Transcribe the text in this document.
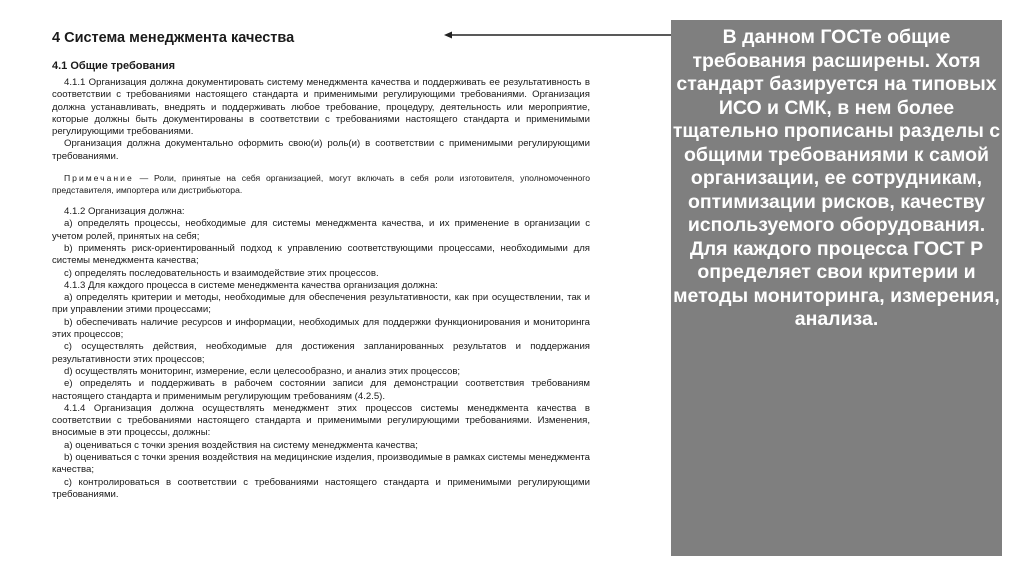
4 Система менеджмента качества
4.1 Общие требования

4.1.1 Организация должна документировать систему менеджмента качества и поддерживать ее результативность в соответствии с требованиями настоящего стандарта и применимыми регулирующими требованиями. Организация должна устанавливать, внедрять и поддерживать любое требование, процедуру, деятельность или мероприятие, которые должны быть документированы в соответствии с требованиями настоящего стандарта и применимыми регулирующими требованиями.

Организация должна документально оформить свою(и) роль(и) в соответствии с применимыми регулирующими требованиями.

Примечание — Роли, принятые на себя организацией, могут включать в себя роли изготовителя, уполномоченного представителя, импортера или дистрибьютора.

4.1.2 Организация должна:

a) определять процессы, необходимые для системы менеджмента качества, и их применение в организации с учетом ролей, принятых на себя;

b) применять риск-ориентированный подход к управлению соответствующими процессами, необходимыми для системы менеджмента качества;

c) определять последовательность и взаимодействие этих процессов.

4.1.3 Для каждого процесса в системе менеджмента качества организация должна:

a) определять критерии и методы, необходимые для обеспечения результативности, как при осуществлении, так и при управлении этими процессами;

b) обеспечивать наличие ресурсов и информации, необходимых для поддержки функционирования и мониторинга этих процессов;

c) осуществлять действия, необходимые для достижения запланированных результатов и поддержания результативности этих процессов;

d) осуществлять мониторинг, измерение, если целесообразно, и анализ этих процессов;

e) определять и поддерживать в рабочем состоянии записи для демонстрации соответствия требованиям настоящего стандарта и применимым регулирующим требованиям (4.2.5).

4.1.4 Организация должна осуществлять менеджмент этих процессов системы менеджмента качества в соответствии с требованиями настоящего стандарта и применимыми регулирующими требованиями. Изменения, вносимые в эти процессы, должны:

a) оцениваться с точки зрения воздействия на систему менеджмента качества;

b) оцениваться с точки зрения воздействия на медицинские изделия, производимые в рамках системы менеджмента качества;

c) контролироваться в соответствии с требованиями настоящего стандарта и применимыми регулирующими требованиями.

В данном ГОСТе общие требования расширены. Хотя стандарт базируется на типовых ИСО и СМК, в нем более тщательно прописаны разделы с общими требованиями к самой организации, ее сотрудникам, оптимизации рисков, качеству используемого оборудования. Для каждого процесса ГОСТ Р определяет свои критерии и методы мониторинга, измерения, анализа.
